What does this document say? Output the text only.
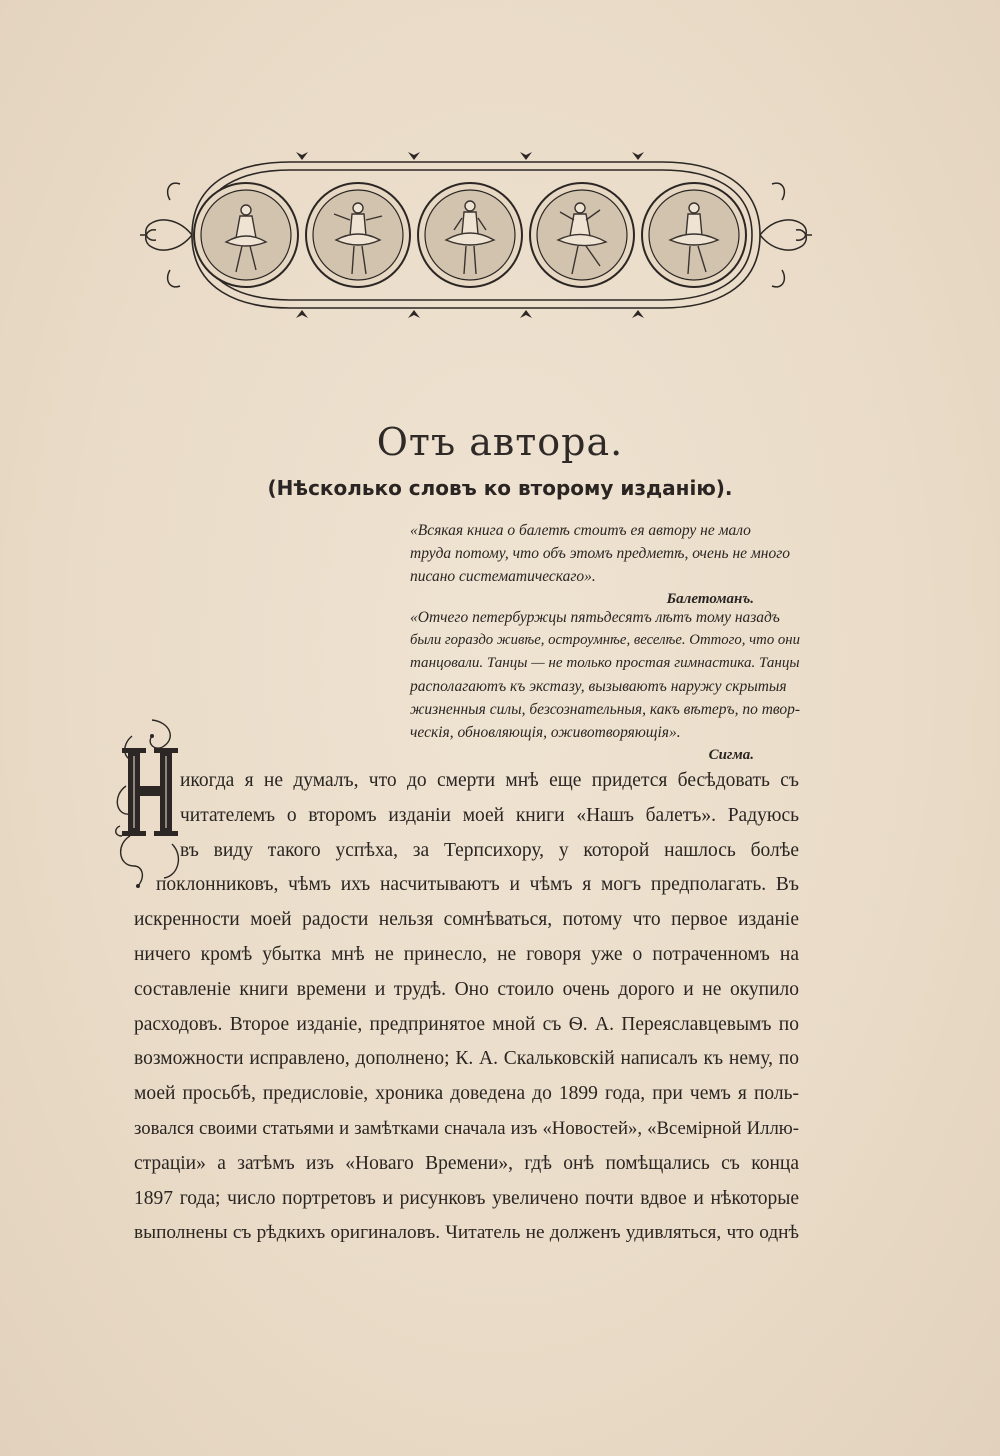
Отъ автора.
(Нѣсколько словъ ко второму изданію).
«Всякая книга о балетѣ стоитъ ея автору не мало
труда потому, что объ этомъ предметѣ, очень не много
писано систематическаго».
Балетоманъ.
«Отчего петербуржцы пятьдесятъ лѣтъ тому назадъ
были гораздо живѣе, остроумнѣе, веселѣе. Оттого, что они
танцовали. Танцы — не только простая гимнастика. Танцы
располагаютъ къ экстазу, вызываютъ наружу скрытыя
жизненныя силы, безсознательныя, какъ вѣтеръ, по твор-
ческія, обновляющія, оживотворяющія».
Сигма.
икогда я не думалъ, что до смерти мнѣ еще придется бесѣдовать съ
читателемъ о второмъ изданіи моей книги «Нашъ балетъ». Радуюсь
въ виду такого успѣха, за Терпсихору, у которой нашлось болѣе
поклонниковъ, чѣмъ ихъ насчитываютъ и чѣмъ я могъ предполагать. Въ
искренности моей радости нельзя сомнѣваться, потому что первое изданіе
ничего кромѣ убытка мнѣ не принесло, не говоря уже о потраченномъ на
составленіе книги времени и трудѣ. Оно стоило очень дорого и не окупило
расходовъ. Второе изданіе, предпринятое мной съ Ѳ. А. Переяславцевымъ по
возможности исправлено, дополнено; К. А. Скальковскій написалъ къ нему, по
моей просьбѣ, предисловіе, хроника доведена до 1899 года, при чемъ я поль-
зовался своими статьями и замѣтками сначала изъ «Новостей», «Всемірной Иллю-
страціи» а затѣмъ изъ «Новаго Времени», гдѣ онѣ помѣщались съ конца
1897 года; число портретовъ и рисунковъ увеличено почти вдвое и нѣкоторые
выполнены съ рѣдкихъ оригиналовъ. Читатель не долженъ удивляться, что однѣ
